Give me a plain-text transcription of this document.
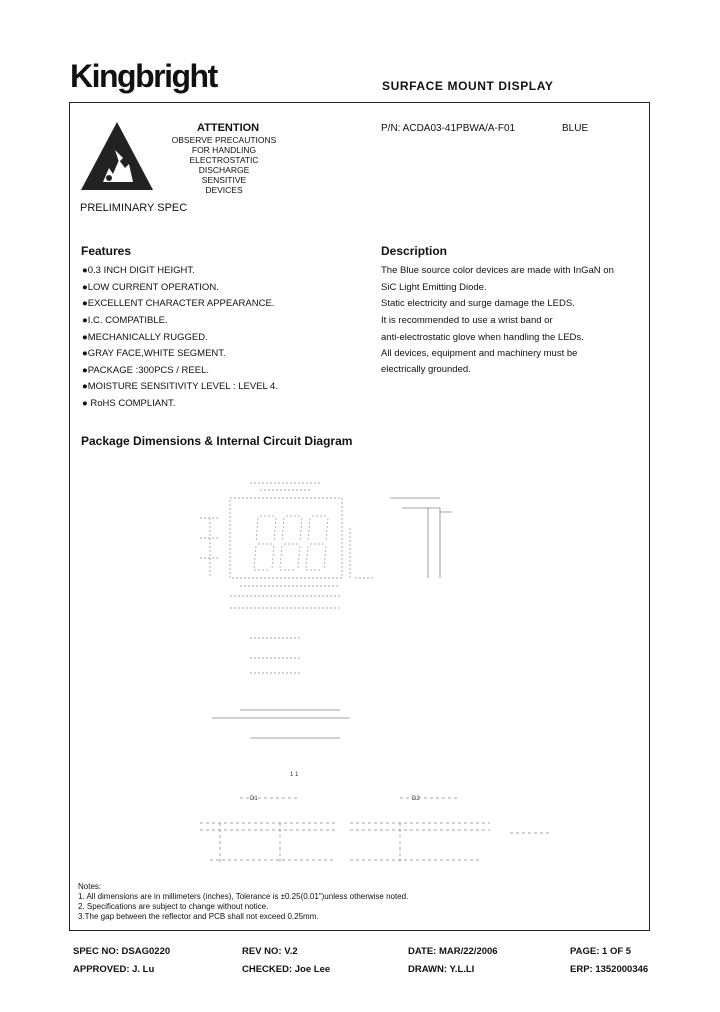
Kingbright	SURFACE MOUNT DISPLAY
ATTENTION
OBSERVE PRECAUTIONS
FOR HANDLING
ELECTROSTATIC
DISCHARGE
SENSITIVE
DEVICES
P/N: ACDA03-41PBWA/A-F01	BLUE
PRELIMINARY SPEC
Features
●0.3 INCH DIGIT HEIGHT.
●LOW CURRENT OPERATION.
●EXCELLENT CHARACTER APPEARANCE.
●I.C. COMPATIBLE.
●MECHANICALLY RUGGED.
●GRAY FACE,WHITE SEGMENT.
●PACKAGE :300PCS / REEL.
●MOISTURE SENSITIVITY LEVEL : LEVEL 4.
● RoHS COMPLIANT.
Description
The Blue source color devices are made with InGaN on
SiC Light Emitting Diode.
Static electricity and surge damage the LEDS.
It is recommended to use a wrist band or
anti-electrostatic glove when handling the LEDs.
All devices, equipment and machinery must be
electrically grounded.
Package Dimensions & Internal Circuit Diagram
1 1
D1	D2
Notes:
1. All dimensions are in millimeters (inches), Tolerance is ±0.25(0.01")unless otherwise noted.
2. Specifications are subject to change without notice.
3.The gap between the reflector and PCB shall not exceed 0.25mm.
SPEC NO: DSAG0220	REV NO: V.2	DATE: MAR/22/2006	PAGE: 1 OF 5
APPROVED: J. Lu	CHECKED: Joe Lee	DRAWN: Y.L.LI	ERP: 1352000346
